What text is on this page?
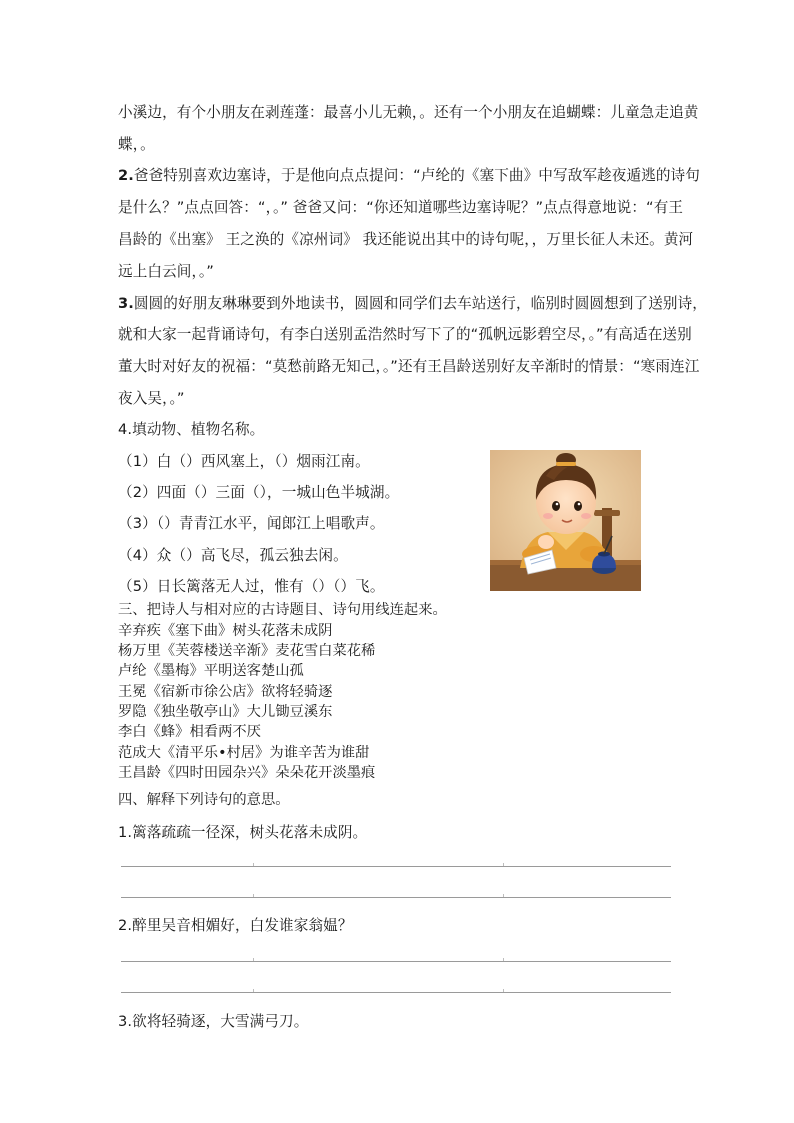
小溪边，有个小朋友在剥莲蓬：最喜小儿无赖，。还有一个小朋友在追蝴蝶：儿童急走追黄
蝶，。
2.爸爸特别喜欢边塞诗，于是他向点点提问：“卢纶的《塞下曲》中写敌军趁夜遁逃的诗句
是什么？”点点回答：“，。” 爸爸又问：“你还知道哪些边塞诗呢？”点点得意地说：“有王
昌龄的《出塞》 王之涣的《凉州词》 我还能说出其中的诗句呢，，万里长征人未还。黄河
远上白云间，。”
3.圆圆的好朋友琳琳要到外地读书，圆圆和同学们去车站送行，临别时圆圆想到了送别诗，
就和大家一起背诵诗句，有李白送别孟浩然时写下了的“孤帆远影碧空尽，。”有高适在送别
董大时对好友的祝福：“莫愁前路无知己，。”还有王昌龄送别好友辛渐时的情景：“寒雨连江
夜入吴，。”
4.填动物、植物名称。
（1）白（）西风塞上，（）烟雨江南。
（2）四面（）三面（），一城山色半城湖。
（3）（）青青江水平，闻郎江上唱歌声。
（4）众（）高飞尽，孤云独去闲。
（5）日长篱落无人过，惟有（）（）飞。
三、把诗人与相对应的古诗题目、诗句用线连起来。
辛弃疾《塞下曲》树头花落未成阴
杨万里《芙蓉楼送辛渐》麦花雪白菜花稀
卢纶《墨梅》平明送客楚山孤
王冕《宿新市徐公店》欲将轻骑逐
罗隐《独坐敬亭山》大儿锄豆溪东
李白《蜂》相看两不厌
范成大《清平乐•村居》为谁辛苦为谁甜
王昌龄《四时田园杂兴》朵朵花开淡墨痕
四、解释下列诗句的意思。
1.篱落疏疏一径深，树头花落未成阴。
2.醉里吴音相媚好，白发谁家翁媪？
3.欲将轻骑逐，大雪满弓刀。
